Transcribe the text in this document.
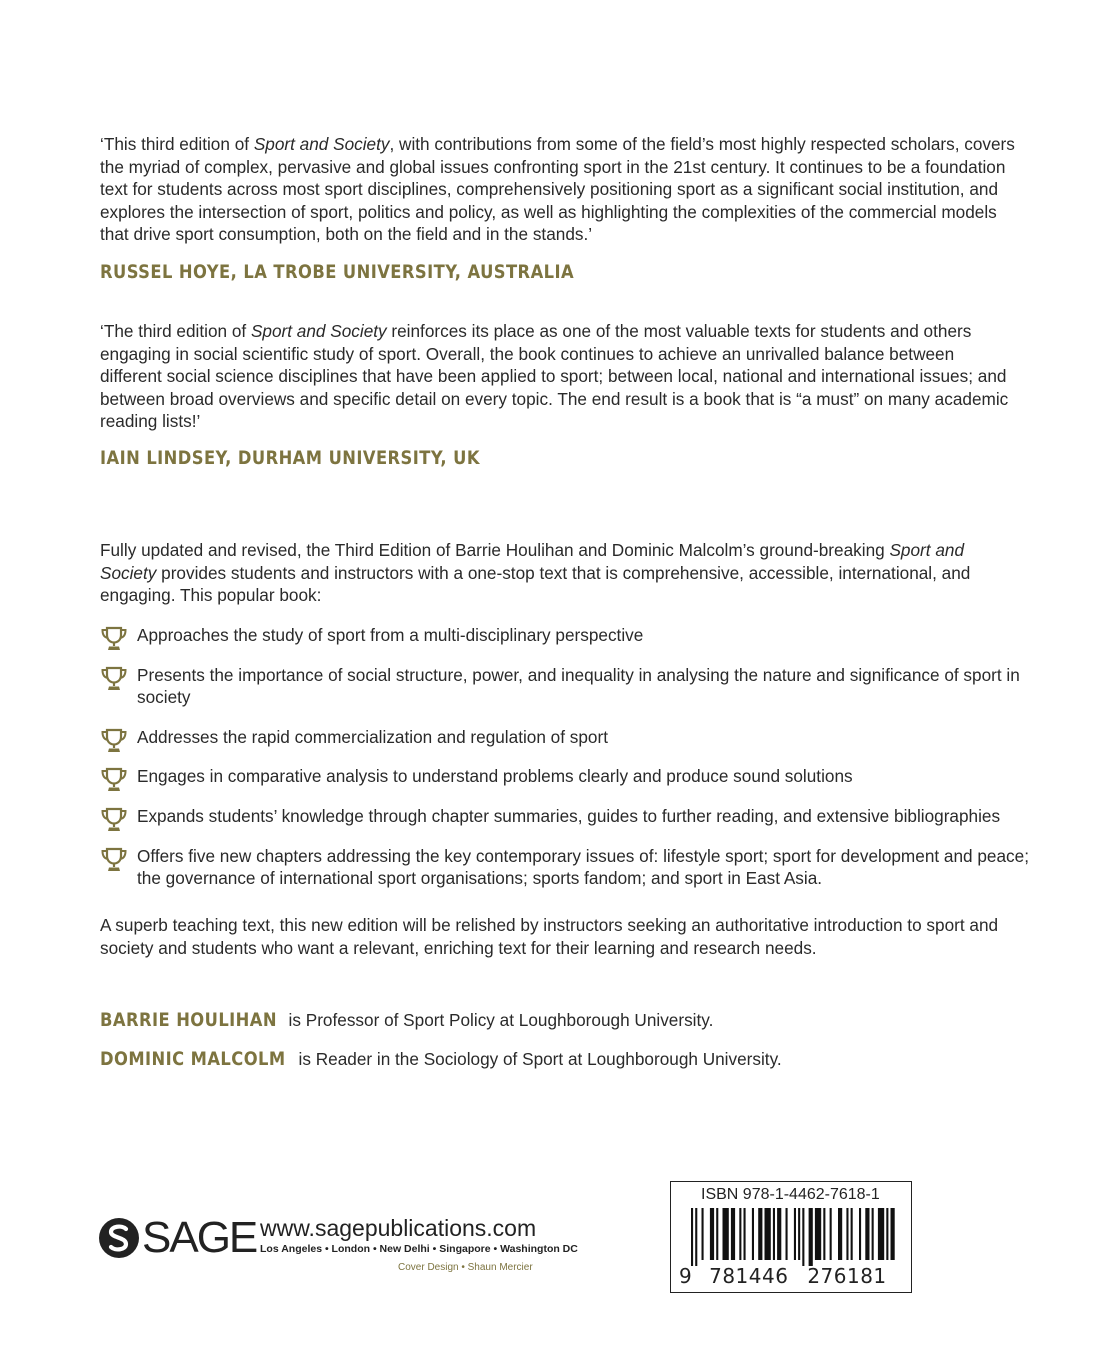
‘This third edition of Sport and Society, with contributions from some of the field’s most highly respected scholars, covers the myriad of complex, pervasive and global issues confronting sport in the 21st century. It continues to be a foundation text for students across most sport disciplines, comprehensively positioning sport as a significant social institution, and explores the intersection of sport, politics and policy, as well as highlighting the complexities of the commercial models that drive sport consumption, both on the field and in the stands.’

RUSSEL HOYE, LA TROBE UNIVERSITY, AUSTRALIA

‘The third edition of Sport and Society reinforces its place as one of the most valuable texts for students and others engaging in social scientific study of sport. Overall, the book continues to achieve an unrivalled balance between different social science disciplines that have been applied to sport; between local, national and international issues; and between broad overviews and specific detail on every topic. The end result is a book that is “a must” on many academic reading lists!’

IAIN LINDSEY, DURHAM UNIVERSITY, UK

Fully updated and revised, the Third Edition of Barrie Houlihan and Dominic Malcolm’s ground-breaking Sport and Society provides students and instructors with a one-stop text that is comprehensive, accessible, international, and engaging. This popular book:

Approaches the study of sport from a multi-disciplinary perspective
Presents the importance of social structure, power, and inequality in analysing the nature and significance of sport in society
Addresses the rapid commercialization and regulation of sport
Engages in comparative analysis to understand problems clearly and produce sound solutions
Expands students’ knowledge through chapter summaries, guides to further reading, and extensive bibliographies
Offers five new chapters addressing the key contemporary issues of: lifestyle sport; sport for development and peace; the governance of international sport organisations; sports fandom; and sport in East Asia.

A superb teaching text, this new edition will be relished by instructors seeking an authoritative introduction to sport and society and students who want a relevant, enriching text for their learning and research needs.

BARRIE HOULIHAN is Professor of Sport Policy at Loughborough University.

DOMINIC MALCOLM is Reader in the Sociology of Sport at Loughborough University.

SAGE www.sagepublications.com
Los Angeles • London • New Delhi • Singapore • Washington DC
Cover Design • Shaun Mercier
ISBN 978-1-4462-7618-1
9 781446 276181
